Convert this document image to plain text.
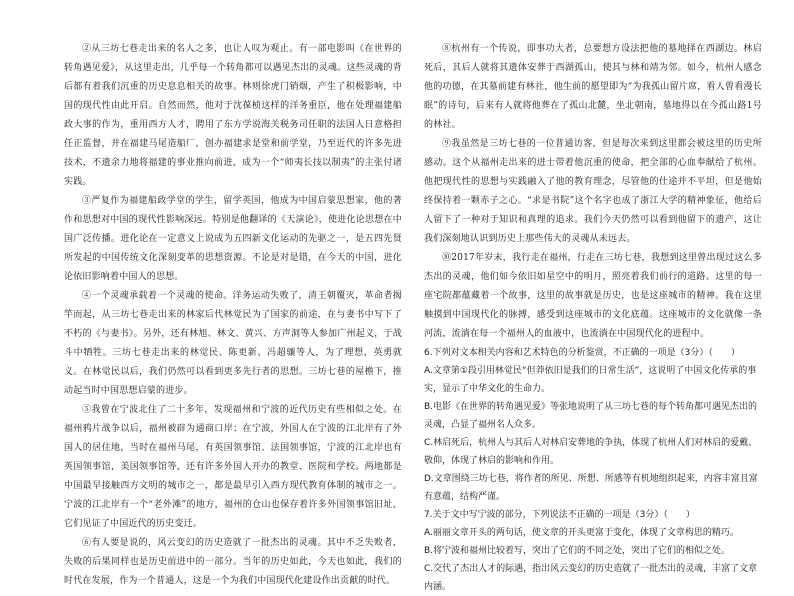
②从三坊七巷走出来的名人之多，也让人叹为观止。有一部电影叫《在世界的转角遇见爱》，从这里走出，几乎每一个转角都可以遇见杰出的灵魂。这些灵魂的背后都有着我们沉重的历史息息相关的故事。林则徐虎门销烟，产生了积极影响，中国的现代性由此开启。自然而然，他对于沈葆桢这样的洋务重臣，他在处理福建船政大事的作为，重用西方人才，聘用了东方学说海关税务司任职的法国人日意格担任正监督，并在福建马尾造船厂，创办福建求是堂和前学堂，乃至近代的许多先进技术，不遗余力地将福建的事业推向前进，成为一个“师夷长技以制夷”的主张付诸实践。

③严复作为福建船政学堂的学生，留学英国，他成为中国启蒙思想家，他的著作和思想对中国的现代性影响深远。特别是他翻译的《天演论》，使进化论思想在中国广泛传播。进化论在一定意义上说成为五四新文化运动的先驱之一，是五四先贤所发起的中国传统文化深刻变革的思想资源。不论是对是错，在今天的中国，进化论依旧影响着中国人的思想。

④一个灵魂承载着一个灵魂的使命。洋务运动失败了，清王朝覆灭，革命者揭竿而起，从三坊七巷走出来的林家后代林觉民为了国家的前途，在与妻书中写下了不朽的《与妻书》。另外，还有林旭、林文、黄兴、方声洞等人参加广州起义，于战斗中牺牲。三坊七巷走出来的林觉民、陈更新、冯超骧等人，为了理想，英勇就义。在林觉民以后，我们仍然可以看到更多先行者的思想。三坊七巷的屋檐下，推动起当时中国思想启蒙的进步。

⑤我曾在宁波北住了二十多年，发现福州和宁波的近代历史有些相似之处。在福州鸦片战争以后，福州被辟为通商口岸；在宁波，外国人在宁波的江北岸有了外国人的居住地，当时在福州马尾，有英国领事馆、法国领事馆，宁波的江北岸也有英国领事馆，美国领事馆等，还有许多外国人开办的教堂、医院和学校。两地都是中国最早接触西方文明的城市之一，都是最早引入西方现代教育体制的城市之一。宁波的江北岸有一个“老外滩”的地方，福州的仓山也保存着许多外国领事馆旧址，它们见证了中国近代的历史变迁。

⑥有人要是说的，风云变幻的历史造就了一批杰出的灵魂。其中不乏失败者，失败的后果同样也是历史前进中的一部分。当年的历史如此，今天也如此，我们的时代在发展，作为一个普通人，这是一个为我们中国现代化建设作出贡献的时代。

⑧杭州有一个传说，即事功大者，总要想方设法把他的墓地择在西湖边。林启死后，其后人就将其遗体安葬于西湖孤山，使其与林和靖为邻。如今，杭州人感念他的功德，在其墓前建有林社，他生前的愿望即为“为我孤山留片席，看人曾看漫长眠”的诗句，后来有人就将他葬在了孤山北麓，坐北朝南，墓地得以在今孤山路1号的林社。

⑨我虽然是三坊七巷的一位普通访客，但是每次来到这里都会被这里的历史所感动。这个从福州走出来的进士带着他沉重的使命，把全部的心血奉献给了杭州。他把现代性的思想与实践融入了他的教育理念，尽管他的仕途并不平坦，但是他始终保持着一颗赤子之心。“求是书院”这个名字也成了浙江大学的精神象征，他给后人留下了一种对于知识和真理的追求。我们今天仍然可以看到他留下的遗产，这让我们深刻地认识到历史上那些伟大的灵魂从未远去。

⑩2017年岁末，我行走在福州，行走在三坊七巷，我想到这里曾出现过这么多杰出的灵魂，他们如今依旧如星空中的明月，照亮着我们前行的道路。这里的每一座宅院都蕴藏着一个故事，这里的故事就是历史，也是这座城市的精神。我在这里触摸到中国现代化的脉搏，感受到这座城市的文化底蕴。这座城市的文化就像一条河流，流淌在每一个福州人的血液中，也流淌在中国现代化的进程中。

6.下列对文本相关内容和艺术特色的分析鉴赏，不正确的一项是（3分）（　　）

A.文章第①段引用林觉民“但莽依旧是我们的日常生活”，这说明了中国文化传承的事实，显示了中华文化的生命力。

B.电影《在世界的转角遇见爱》等张地说明了从三坊七巷的每个转角都可遇见杰出的灵魂，凸显了福州名人众多。

C.林启死后，杭州人与其后人对林启安葬地的争执，体现了杭州人们对林启的爱戴、敬仰，体现了林启的影响和作用。

D.文章围绕三坊七巷，将作者的所见、所想、所感等有机地组织起来，内容丰富且富有意蕴，结构严谨。

7.关于文中写宁波的部分，下列说法不正确的一项是（3分）（　　）

A.丽丽文章开头的两句话，使文章的开头更富于变化，体现了文章构思的精巧。

B.将宁波和福州比较着写，突出了它们的不同之处，突出了它们的相似之处。

C.交代了杰出人才的际遇，指出风云变幻的历史造就了一批杰出的灵魂，丰富了文章内涵。
